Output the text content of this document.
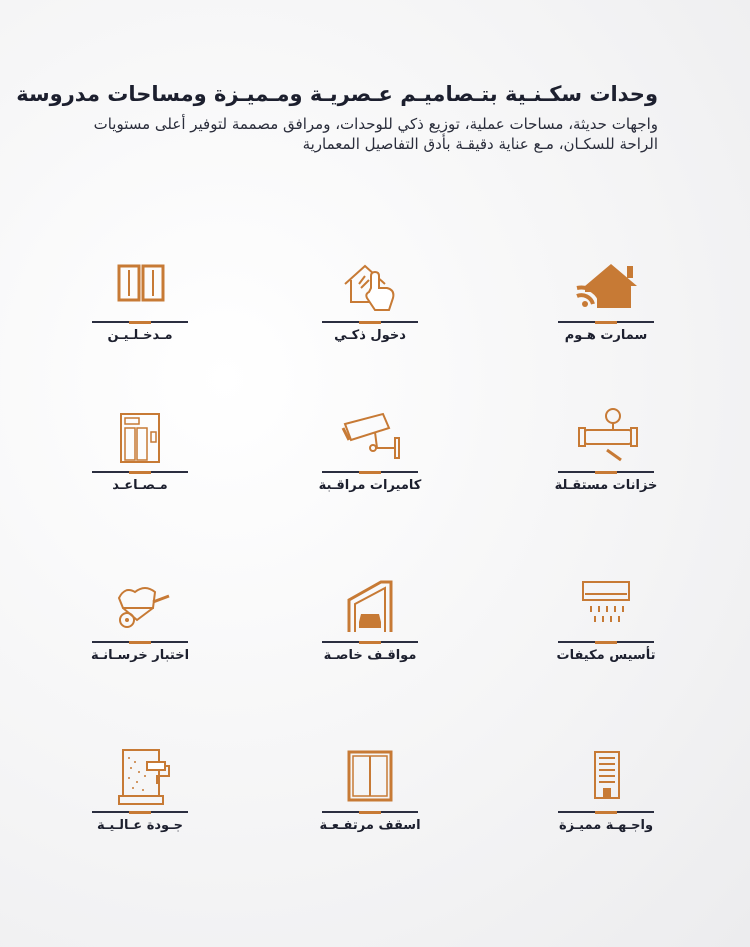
وحدات سكـنـية بتـصاميـم عـصريـة ومـميـزة ومساحات مدروسة

واجهات حديثة، مساحات عملية، توزيع ذكي للوحدات، ومرافق مصممة لتوفير أعلى مستويات الراحة للسكـان، مـع عناية دقيقـة بأدق التفاصيل المعمارية

سمارت هـوم
دخول ذكـي
مـدخـلـيـن
خزانات مستقـلة
كاميرات مراقـبة
مـصـاعـد
تأسيس مكيفات
مواقـف خاصـة
اختبار خرسـانـة
واجـهـة مميـزة
اسقف مرتفـعـة
جـودة عـالـيـة
